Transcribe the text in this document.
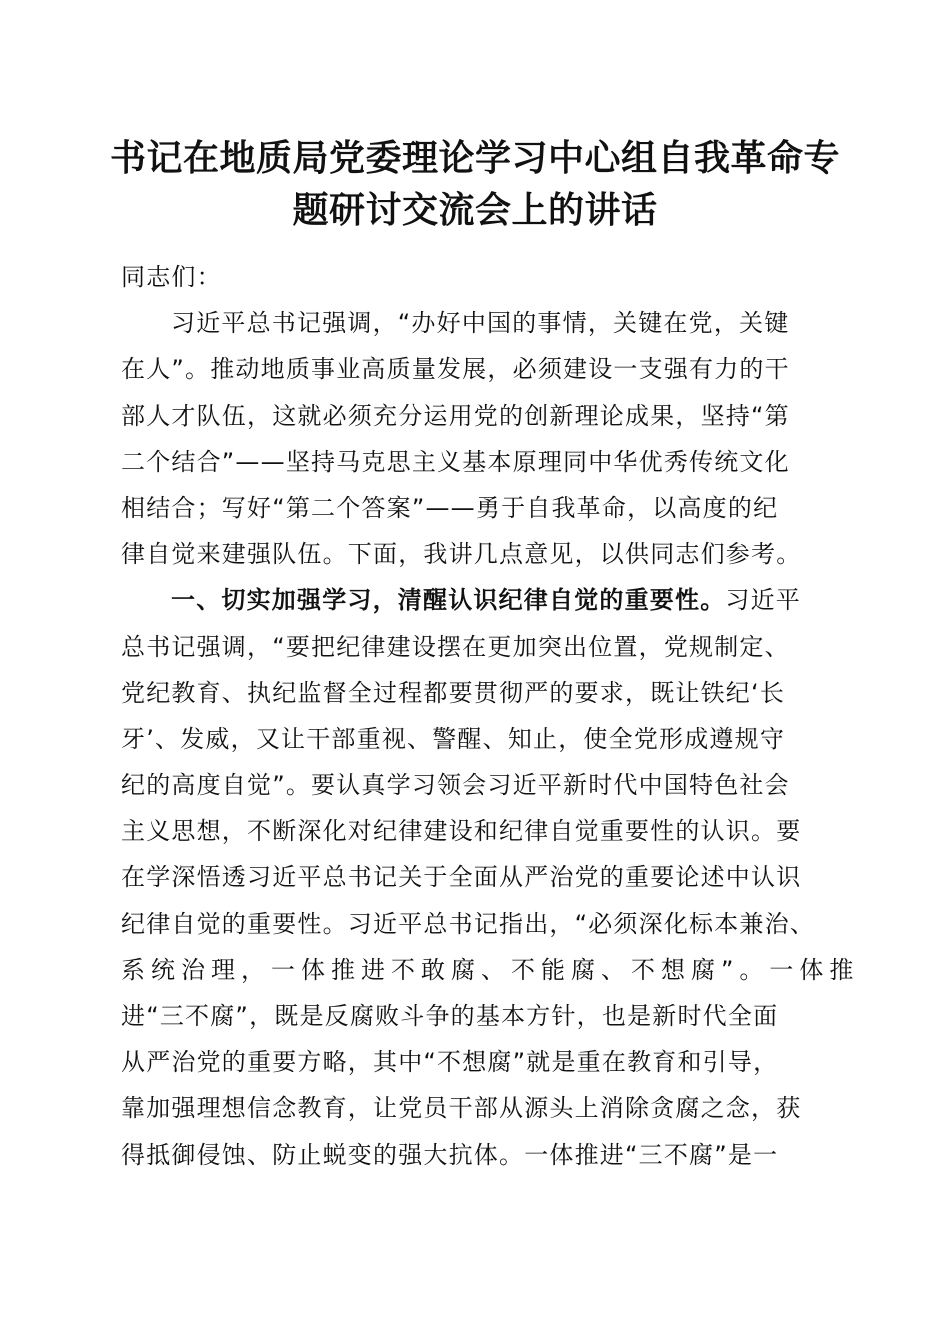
书记在地质局党委理论学习中心组自我革命专
题研讨交流会上的讲话
同志们：
习近平总书记强调，“办好中国的事情，关键在党，关键
在人”。推动地质事业高质量发展，必须建设一支强有力的干
部人才队伍，这就必须充分运用党的创新理论成果，坚持“第
二个结合”——坚持马克思主义基本原理同中华优秀传统文化
相结合；写好“第二个答案”——勇于自我革命，以高度的纪
律自觉来建强队伍。下面，我讲几点意见，以供同志们参考。
一、切实加强学习，清醒认识纪律自觉的重要性。习近平
总书记强调，“要把纪律建设摆在更加突出位置，党规制定、
党纪教育、执纪监督全过程都要贯彻严的要求，既让铁纪‘长
牙’、发威，又让干部重视、警醒、知止，使全党形成遵规守
纪的高度自觉”。要认真学习领会习近平新时代中国特色社会
主义思想，不断深化对纪律建设和纪律自觉重要性的认识。要
在学深悟透习近平总书记关于全面从严治党的重要论述中认识
纪律自觉的重要性。习近平总书记指出，“必须深化标本兼治、
系统治理，一体推进不敢腐、不能腐、不想腐”。一体推
进“三不腐”，既是反腐败斗争的基本方针，也是新时代全面
从严治党的重要方略，其中“不想腐”就是重在教育和引导，
靠加强理想信念教育，让党员干部从源头上消除贪腐之念，获
得抵御侵蚀、防止蜕变的强大抗体。一体推进“三不腐”是一
